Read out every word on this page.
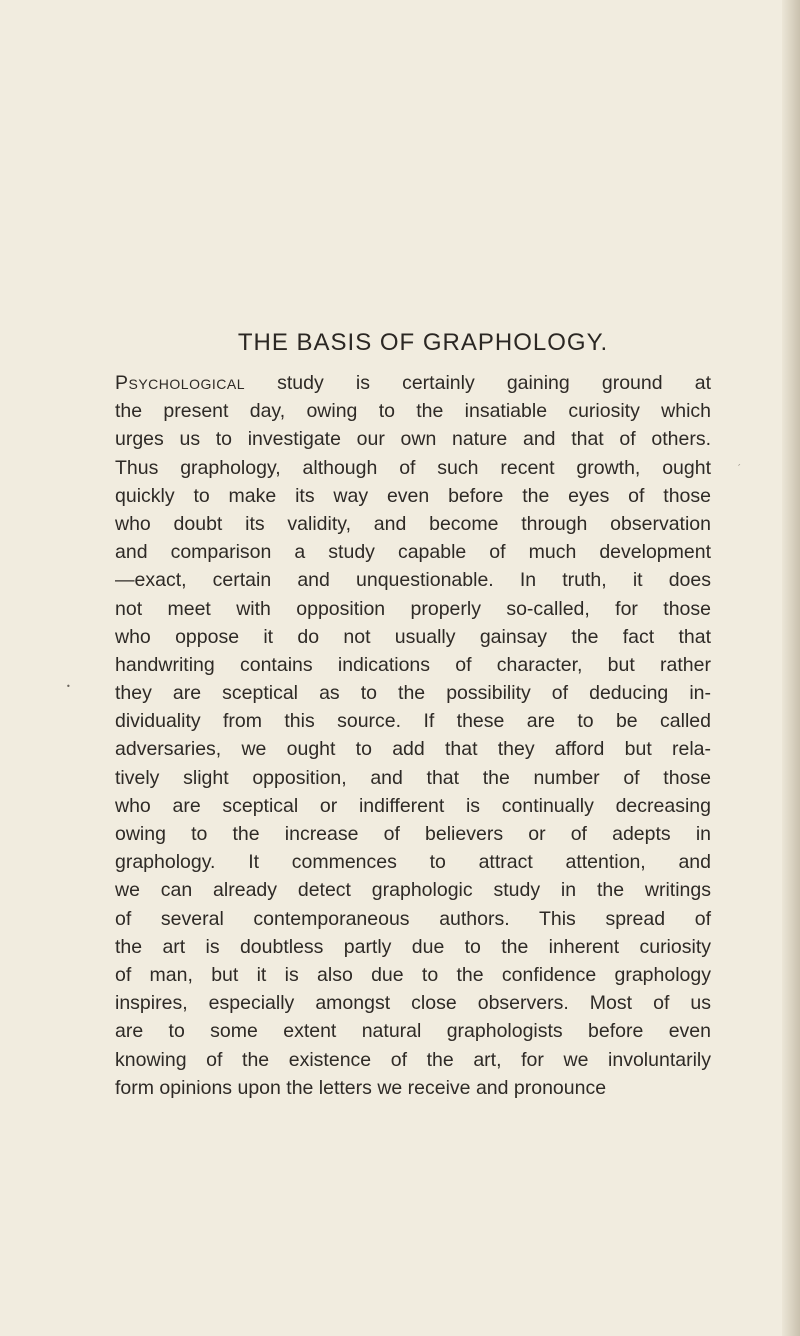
THE BASIS OF GRAPHOLOGY.
Psychological study is certainly gaining ground at
the present day, owing to the insatiable curiosity which
urges us to investigate our own nature and that of others.
Thus graphology, although of such recent growth, ought
quickly to make its way even before the eyes of those
who doubt its validity, and become through observation
and comparison a study capable of much development
—exact, certain and unquestionable. In truth, it does
not meet with opposition properly so-called, for those
who oppose it do not usually gainsay the fact that
handwriting contains indications of character, but rather
they are sceptical as to the possibility of deducing in-
dividuality from this source. If these are to be called
adversaries, we ought to add that they afford but rela-
tively slight opposition, and that the number of those
who are sceptical or indifferent is continually decreasing
owing to the increase of believers or of adepts in
graphology. It commences to attract attention, and
we can already detect graphologic study in the writings
of several contemporaneous authors. This spread of
the art is doubtless partly due to the inherent curiosity
of man, but it is also due to the confidence graphology
inspires, especially amongst close observers. Most of us
are to some extent natural graphologists before even
knowing of the existence of the art, for we involuntarily
form opinions upon the letters we receive and pronounce
•
′
